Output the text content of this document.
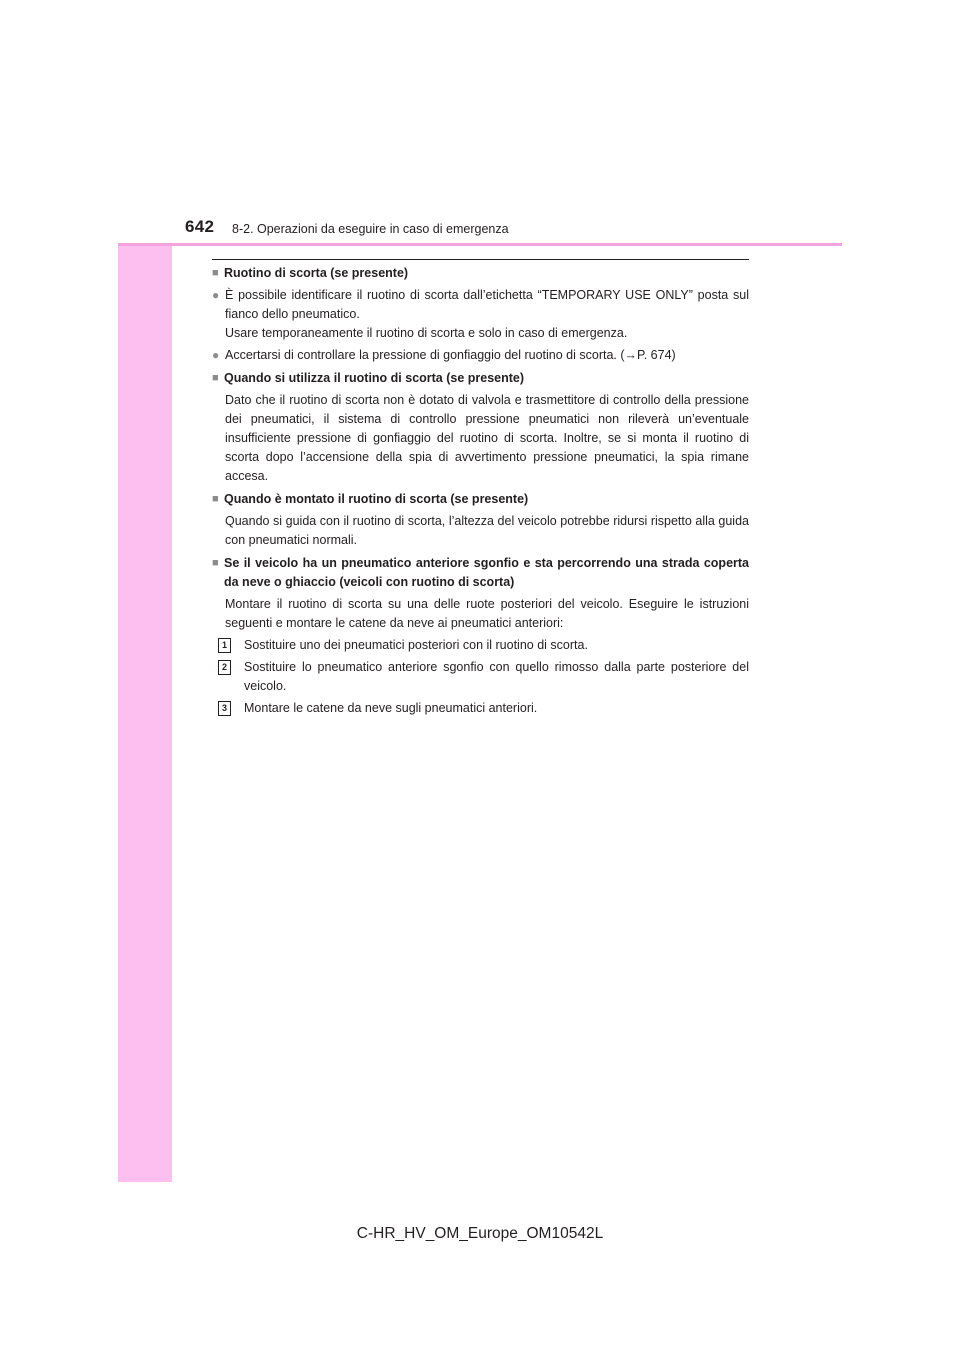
642 8-2. Operazioni da eseguire in caso di emergenza
■ Ruotino di scorta (se presente)
● È possibile identificare il ruotino di scorta dall’etichetta “TEMPORARY USE ONLY” posta sul fianco dello pneumatico.
Usare temporaneamente il ruotino di scorta e solo in caso di emergenza.
● Accertarsi di controllare la pressione di gonfiaggio del ruotino di scorta. (→P. 674)
■ Quando si utilizza il ruotino di scorta (se presente)
Dato che il ruotino di scorta non è dotato di valvola e trasmettitore di controllo della pressione dei pneumatici, il sistema di controllo pressione pneumatici non rileverà un’eventuale insufficiente pressione di gonfiaggio del ruotino di scorta. Inoltre, se si monta il ruotino di scorta dopo l’accensione della spia di avvertimento pressione pneumatici, la spia rimane accesa.
■ Quando è montato il ruotino di scorta (se presente)
Quando si guida con il ruotino di scorta, l’altezza del veicolo potrebbe ridursi rispetto alla guida con pneumatici normali.
■ Se il veicolo ha un pneumatico anteriore sgonfio e sta percorrendo una strada coperta da neve o ghiaccio (veicoli con ruotino di scorta)
Montare il ruotino di scorta su una delle ruote posteriori del veicolo. Eseguire le istruzioni seguenti e montare le catene da neve ai pneumatici anteriori:
1	Sostituire uno dei pneumatici posteriori con il ruotino di scorta.
2	Sostituire lo pneumatico anteriore sgonfio con quello rimosso dalla parte posteriore del veicolo.
3	Montare le catene da neve sugli pneumatici anteriori.
C-HR_HV_OM_Europe_OM10542L
